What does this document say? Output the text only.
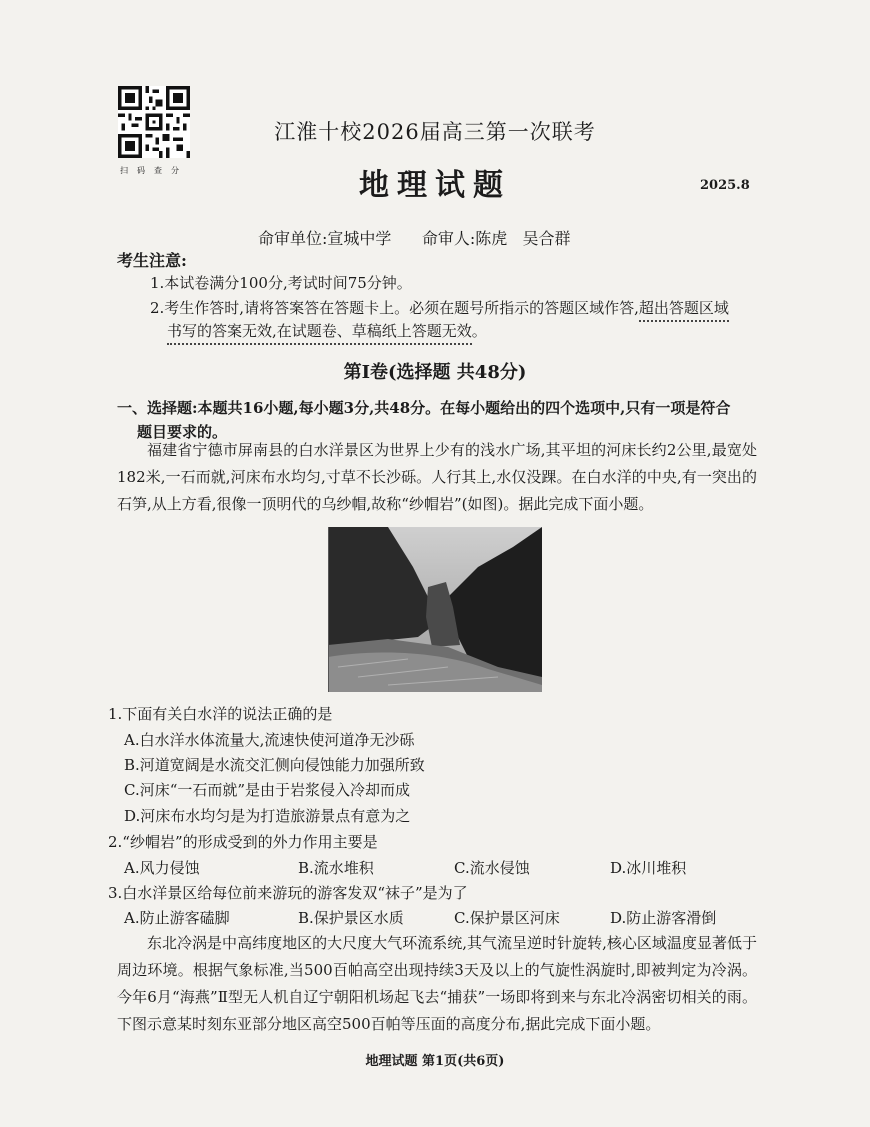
扫码查分
江淮十校2026届高三第一次联考
地理试题	2025.8
命审单位:宣城中学      命审人:陈虎   吴合群
考生注意:
1.本试卷满分100分,考试时间75分钟。
2.考生作答时,请将答案答在答题卡上。必须在题号所指示的答题区域作答,超出答题区域
书写的答案无效,在试题卷、草稿纸上答题无效。
第Ⅰ卷(选择题 共48分)
一、选择题:本题共16小题,每小题3分,共48分。在每小题给出的四个选项中,只有一项是符合
题目要求的。
福建省宁德市屏南县的白水洋景区为世界上少有的浅水广场,其平坦的河床长约2公里,最宽处182米,一石而就,河床布水均匀,寸草不长沙砾。人行其上,水仅没踝。在白水洋的中央,有一突出的石笋,从上方看,很像一顶明代的乌纱帽,故称“纱帽岩”(如图)。据此完成下面小题。
1.下面有关白水洋的说法正确的是
A.白水洋水体流量大,流速快使河道净无沙砾
B.河道宽阔是水流交汇侧向侵蚀能力加强所致
C.河床“一石而就”是由于岩浆侵入冷却而成
D.河床布水均匀是为打造旅游景点有意为之
2.“纱帽岩”的形成受到的外力作用主要是
A.风力侵蚀	B.流水堆积	C.流水侵蚀	D.冰川堆积
3.白水洋景区给每位前来游玩的游客发双“袜子”是为了
A.防止游客磕脚	B.保护景区水质	C.保护景区河床	D.防止游客滑倒
东北冷涡是中高纬度地区的大尺度大气环流系统,其气流呈逆时针旋转,核心区域温度显著低于周边环境。根据气象标准,当500百帕高空出现持续3天及以上的气旋性涡旋时,即被判定为冷涡。今年6月“海燕”Ⅱ型无人机自辽宁朝阳机场起飞去“捕获”一场即将到来与东北冷涡密切相关的雨。下图示意某时刻东亚部分地区高空500百帕等压面的高度分布,据此完成下面小题。
地理试题 第1页(共6页)
